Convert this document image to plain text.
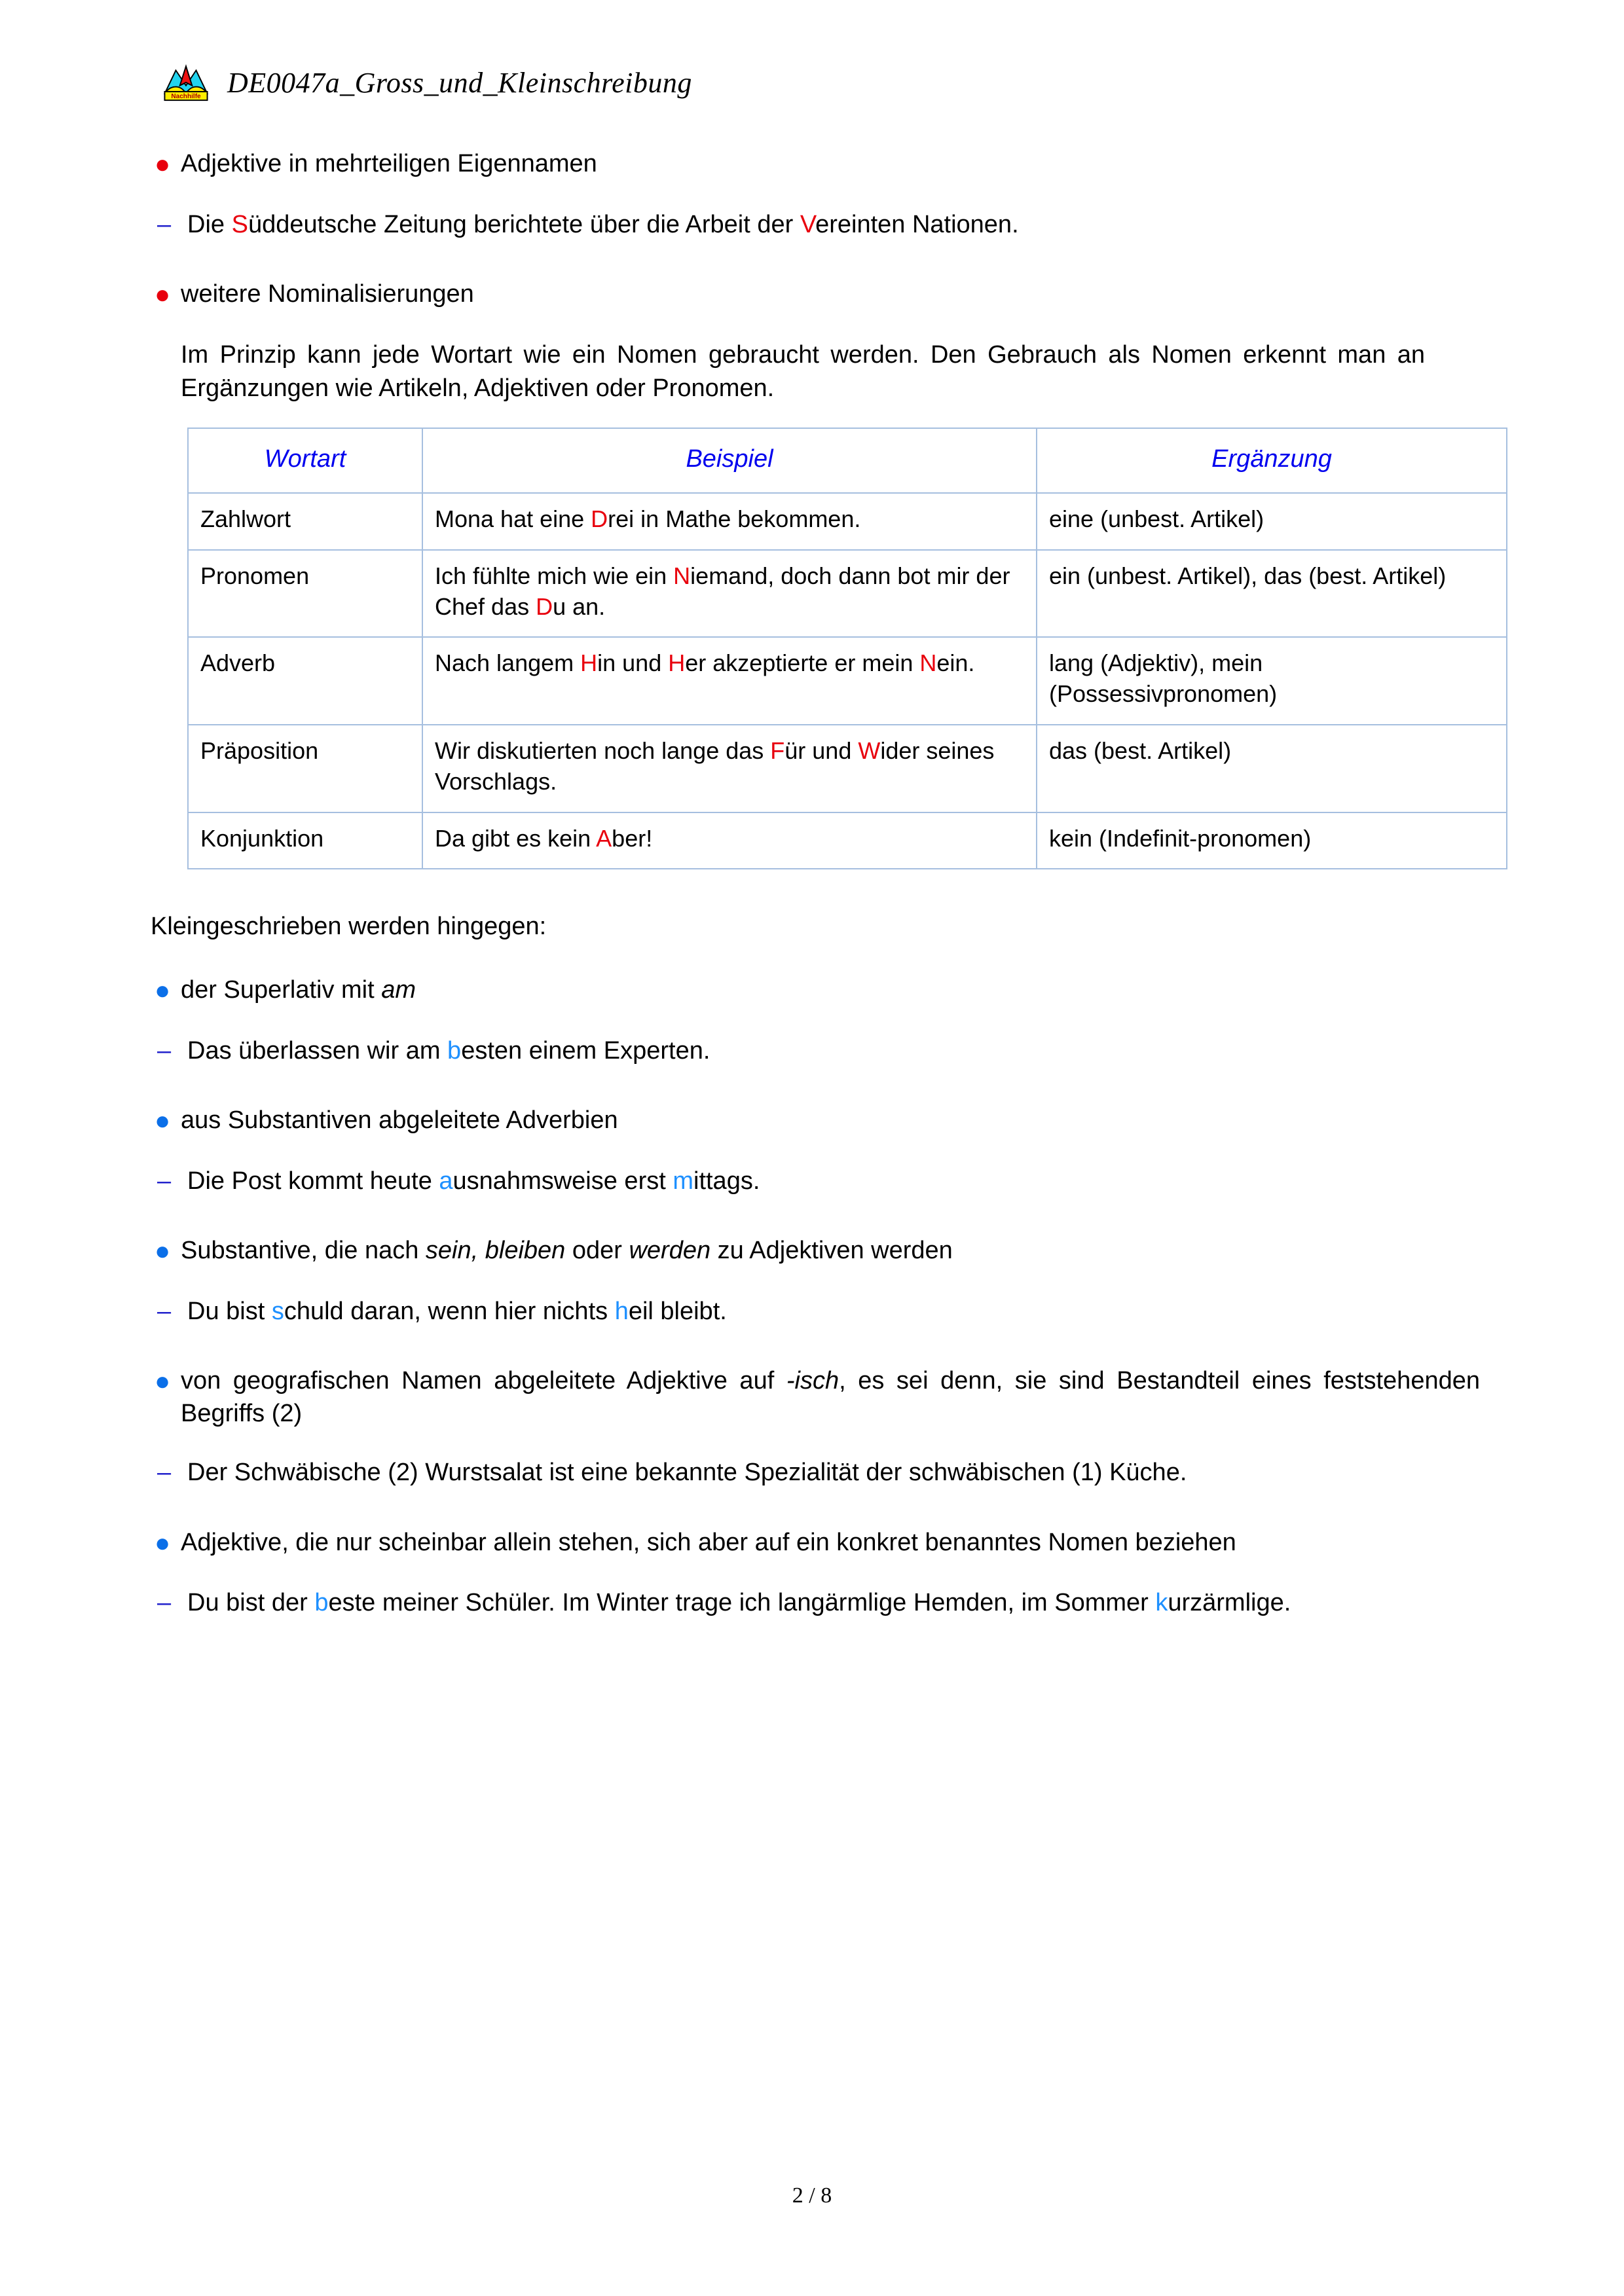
Nachhilfe DE0047a_Gross_und_Kleinschreibung
● Adjektive in mehrteiligen Eigennamen
– Die Süddeutsche Zeitung berichtete über die Arbeit der Vereinten Nationen.
● weitere Nominalisierungen
Im Prinzip kann jede Wortart wie ein Nomen gebraucht werden. Den Gebrauch als Nomen erkennt man an Ergänzungen wie Artikeln, Adjektiven oder Pronomen.
Wortart	Beispiel	Ergänzung
Zahlwort	Mona hat eine Drei in Mathe bekommen.	eine (unbest. Artikel)
Pronomen	Ich fühlte mich wie ein Niemand, doch dann bot mir der Chef das Du an.	ein (unbest. Artikel), das (best. Artikel)
Adverb	Nach langem Hin und Her akzeptierte er mein Nein.	lang (Adjektiv), mein (Possessivpronomen)
Präposition	Wir diskutierten noch lange das Für und Wider seines Vorschlags.	das (best. Artikel)
Konjunktion	Da gibt es kein Aber!	kein (Indefinit-pronomen)
Kleingeschrieben werden hingegen:
● der Superlativ mit am
– Das überlassen wir am besten einem Experten.
● aus Substantiven abgeleitete Adverbien
– Die Post kommt heute ausnahmsweise erst mittags.
● Substantive, die nach sein, bleiben oder werden zu Adjektiven werden
– Du bist schuld daran, wenn hier nichts heil bleibt.
● von geografischen Namen abgeleitete Adjektive auf -isch, es sei denn, sie sind Bestandteil eines feststehenden Begriffs (2)
– Der Schwäbische (2) Wurstsalat ist eine bekannte Spezialität der schwäbischen (1) Küche.
● Adjektive, die nur scheinbar allein stehen, sich aber auf ein konkret benanntes Nomen beziehen
– Du bist der beste meiner Schüler. Im Winter trage ich langärmlige Hemden, im Sommer kurzärmlige.
2 / 8
